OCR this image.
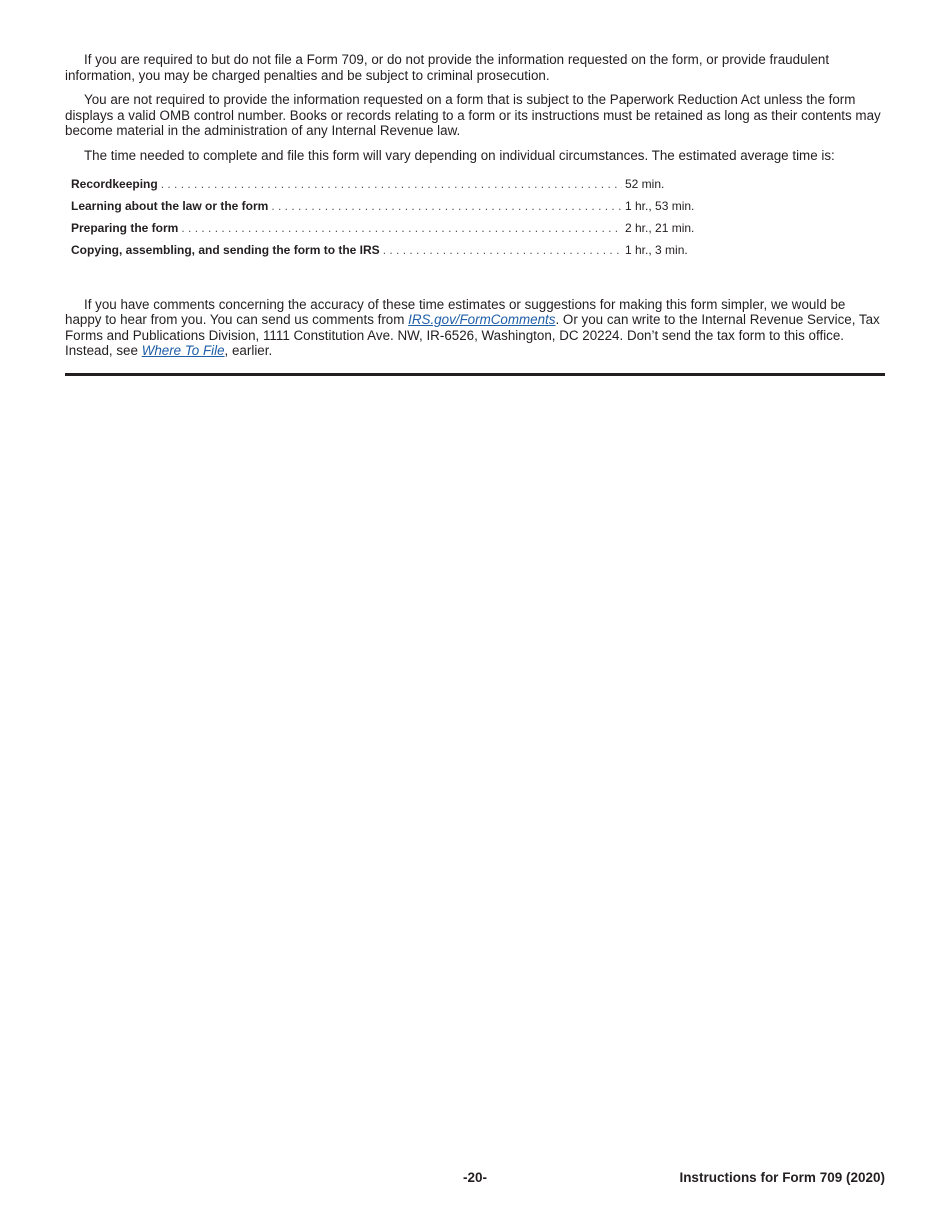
If you are required to but do not file a Form 709, or do not provide the information requested on the form, or provide fraudulent information, you may be charged penalties and be subject to criminal prosecution.

You are not required to provide the information requested on a form that is subject to the Paperwork Reduction Act unless the form displays a valid OMB control number. Books or records relating to a form or its instructions must be retained as long as their contents may become material in the administration of any Internal Revenue law.

The time needed to complete and file this form will vary depending on individual circumstances. The estimated average time is:

Recordkeeping . . .	52 min.
Learning about the law or the form . . .	1 hr., 53 min.
Preparing the form . . .	2 hr., 21 min.
Copying, assembling, and sending the form to the IRS . . .	1 hr., 3 min.

If you have comments concerning the accuracy of these time estimates or suggestions for making this form simpler, we would be happy to hear from you. You can send us comments from IRS.gov/FormComments. Or you can write to the Internal Revenue Service, Tax Forms and Publications Division, 1111 Constitution Ave. NW, IR-6526, Washington, DC 20224. Don’t send the tax form to this office. Instead, see Where To File, earlier.

-20-	Instructions for Form 709 (2020)
